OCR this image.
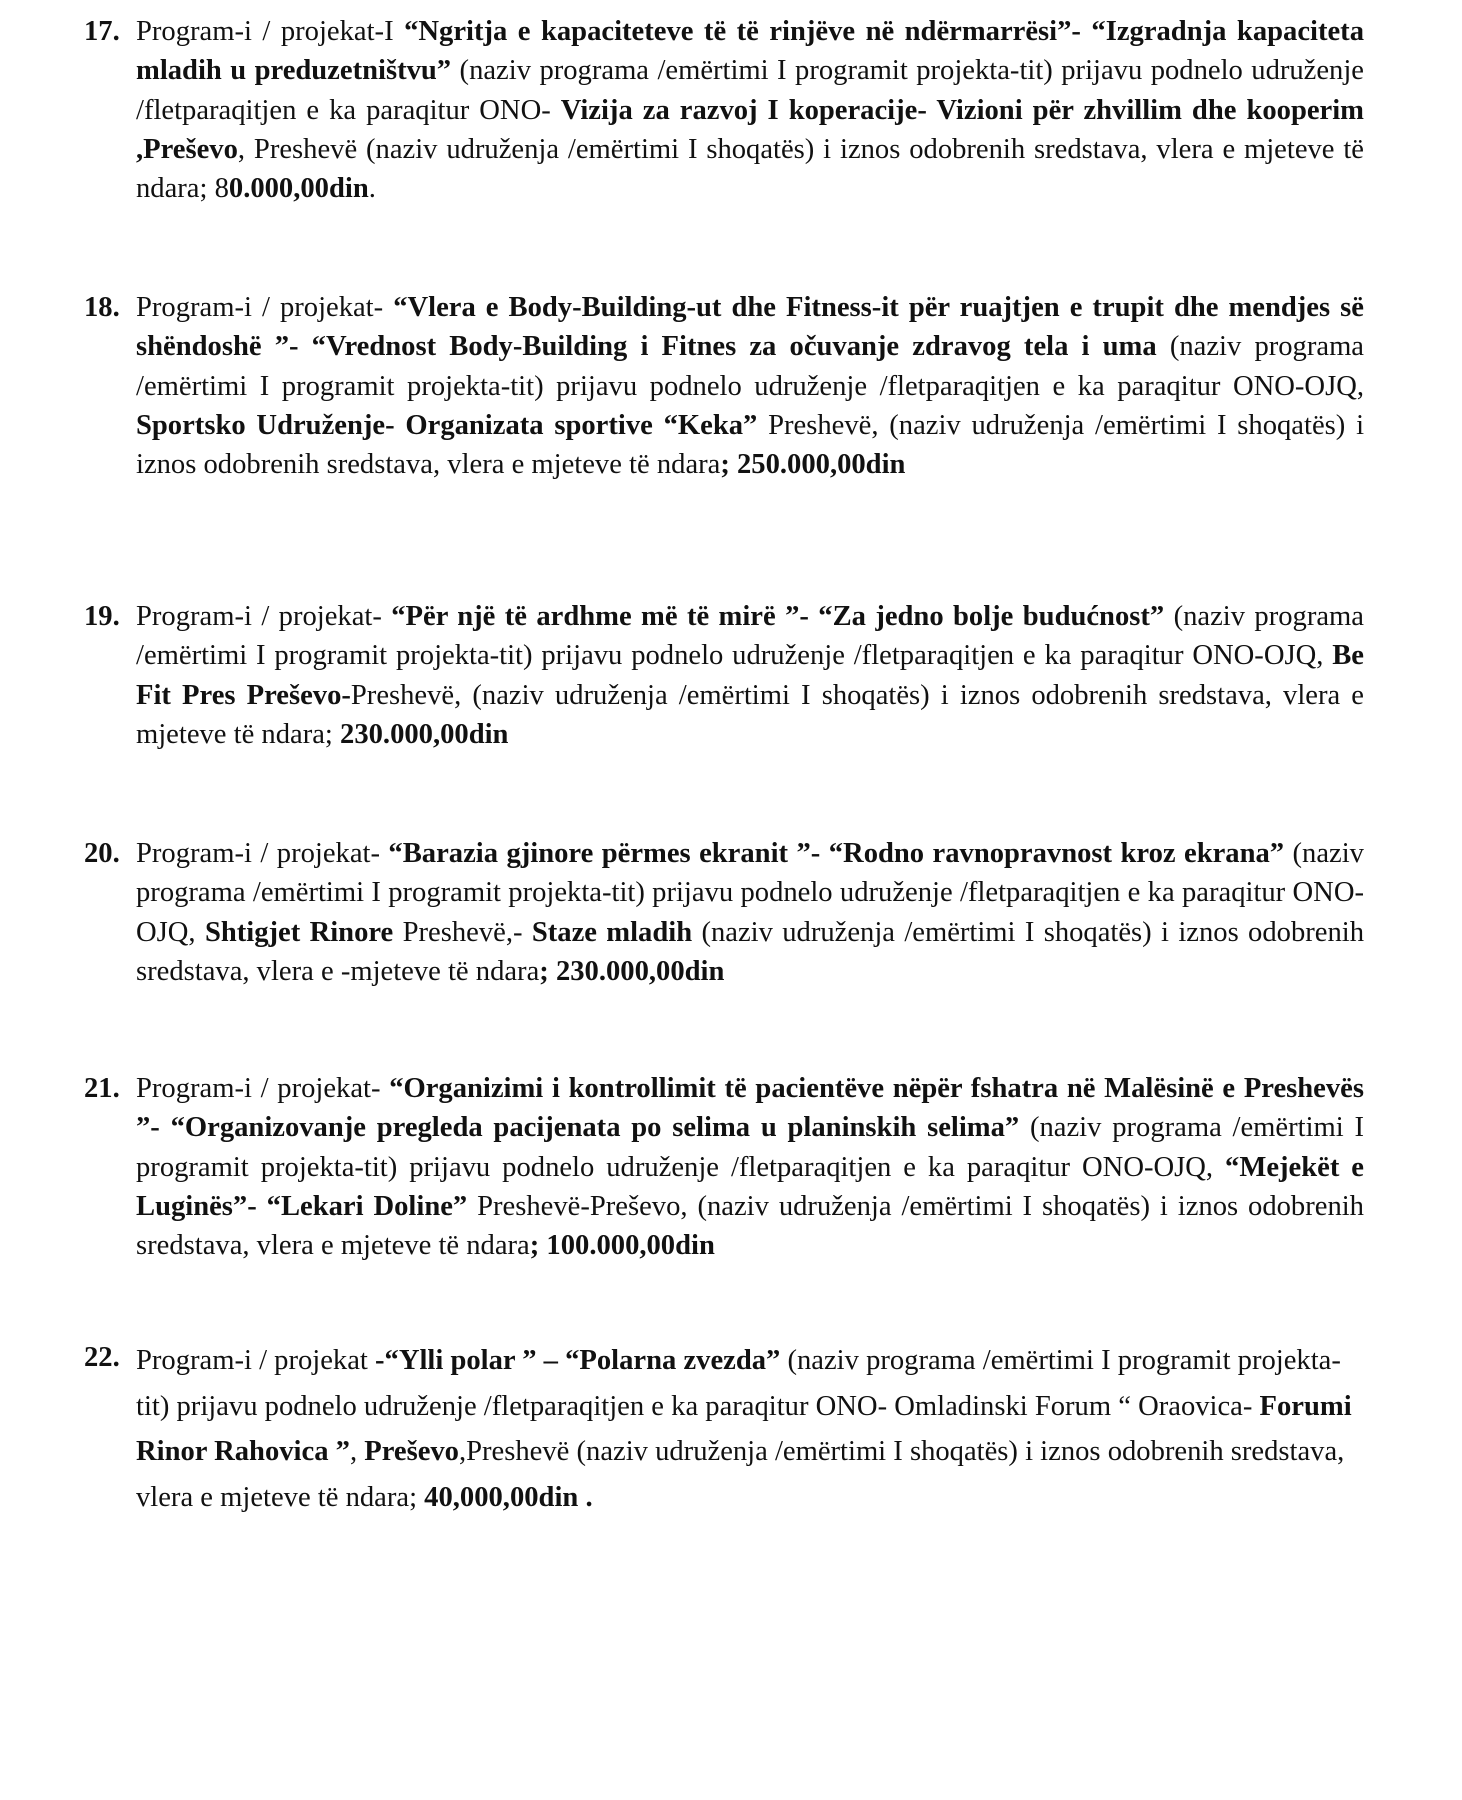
17. Program-i / projekat-I “Ngritja e kapaciteteve të të rinjëve në ndërmarrësi”- “Izgradnja kapaciteta mladih u preduzetništvu” (naziv programa /emërtimi I programit projekta-tit) prijavu podnelo udruženje /fletparaqitjen e ka paraqitur ONO- Vizija za razvoj I koperacije- Vizioni për zhvillim dhe kooperim ,Preševo, Preshevë (naziv udruženja /emërtimi I shoqatës) i iznos odobrenih sredstava, vlera e mjeteve të ndara; 80.000,00din.
18. Program-i / projekat- “Vlera e Body-Building-ut dhe Fitness-it për ruajtjen e trupit dhe mendjes së shëndoshë ”- “Vrednost Body-Building i Fitnes za očuvanje zdravog tela i uma (naziv programa /emërtimi I programit projekta-tit) prijavu podnelo udruženje /fletparaqitjen e ka paraqitur ONO-OJQ, Sportsko Udruženje- Organizata sportive “Keka” Preshevë, (naziv udruženja /emërtimi I shoqatës) i iznos odobrenih sredstava, vlera e mjeteve të ndara; 250.000,00din
19. Program-i / projekat- “Për një të ardhme më të mirë ”- “Za jedno bolje budućnost” (naziv programa /emërtimi I programit projekta-tit) prijavu podnelo udruženje /fletparaqitjen e ka paraqitur ONO-OJQ, Be Fit Pres Preševo-Preshevë, (naziv udruženja /emërtimi I shoqatës) i iznos odobrenih sredstava, vlera e mjeteve të ndara; 230.000,00din
20. Program-i / projekat- “Barazia gjinore përmes ekranit ”- “Rodno ravnopravnost kroz ekrana” (naziv programa /emërtimi I programit projekta-tit) prijavu podnelo udruženje /fletparaqitjen e ka paraqitur ONO-OJQ, Shtigjet Rinore Preshevë,- Staze mladih (naziv udruženja /emërtimi I shoqatës) i iznos odobrenih sredstava, vlera e -mjeteve të ndara; 230.000,00din
21. Program-i / projekat- “Organizimi i kontrollimit të pacientëve nëpër fshatra në Malësinë e Preshevës ”- “Organizovanje pregleda pacijenata po selima u planinskih selima” (naziv programa /emërtimi I programit projekta-tit) prijavu podnelo udruženje /fletparaqitjen e ka paraqitur ONO-OJQ, “Mejekët e Luginës”- “Lekari Doline” Preshevë-Preševo, (naziv udruženja /emërtimi I shoqatës) i iznos odobrenih sredstava, vlera e mjeteve të ndara; 100.000,00din
22. Program-i / projekat -“Ylli polar ” – “Polarna zvezda” (naziv programa /emërtimi I programit projekta-tit) prijavu podnelo udruženje /fletparaqitjen e ka paraqitur ONO- Omladinski Forum “ Oraovica- Forumi Rinor Rahovica ”, Preševo,Preshevë (naziv udruženja /emërtimi I shoqatës) i iznos odobrenih sredstava, vlera e mjeteve të ndara; 40,000,00din .
